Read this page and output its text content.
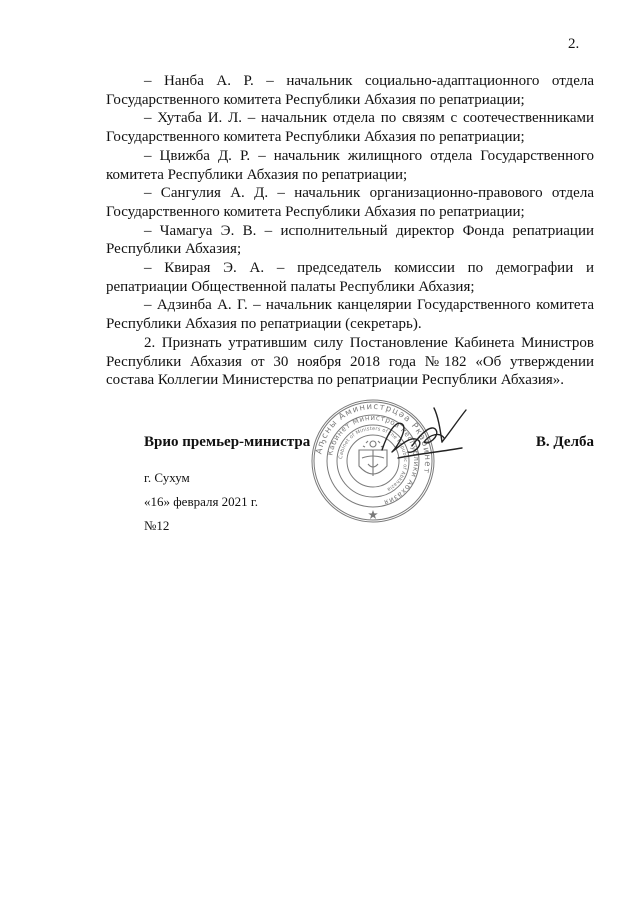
2.

– Нанба А. Р. – начальник социально-адаптационного отдела Государственного комитета Республики Абхазия по репатриации;

– Хутаба И. Л. – начальник отдела по связям с соотечественниками Государственного комитета Республики Абхазия по репатриации;

– Цвижба Д. Р. – начальник жилищного отдела Государственного комитета Республики Абхазия по репатриации;

– Сангулия А. Д. – начальник организационно-правового отдела Государственного комитета Республики Абхазия по репатриации;

– Чамагуа Э. В. – исполнительный директор Фонда репатриации Республики Абхазия;

– Квирая Э. А. – председатель комиссии по демографии и репатриации Общественной палаты Республики Абхазия;

– Адзинба А. Г. – начальник канцелярии Государственного комитета Республики Абхазия по репатриации (секретарь).

2. Признать утратившим силу Постановление Кабинета Министров Республики Абхазия от 30 ноября 2018 года №182 «Об утверждении состава Коллегии Министерства по репатриации Республики Абхазия».

Аҧсны Аминистрцәа Ркабинет
Кабинет Министров Республики Абхазия
Cabinet of Ministers of the Republic of Abkhazia
Врио премьер-министра	В. Делба
г. Сухум
«16» февраля 2021 г.
№12
